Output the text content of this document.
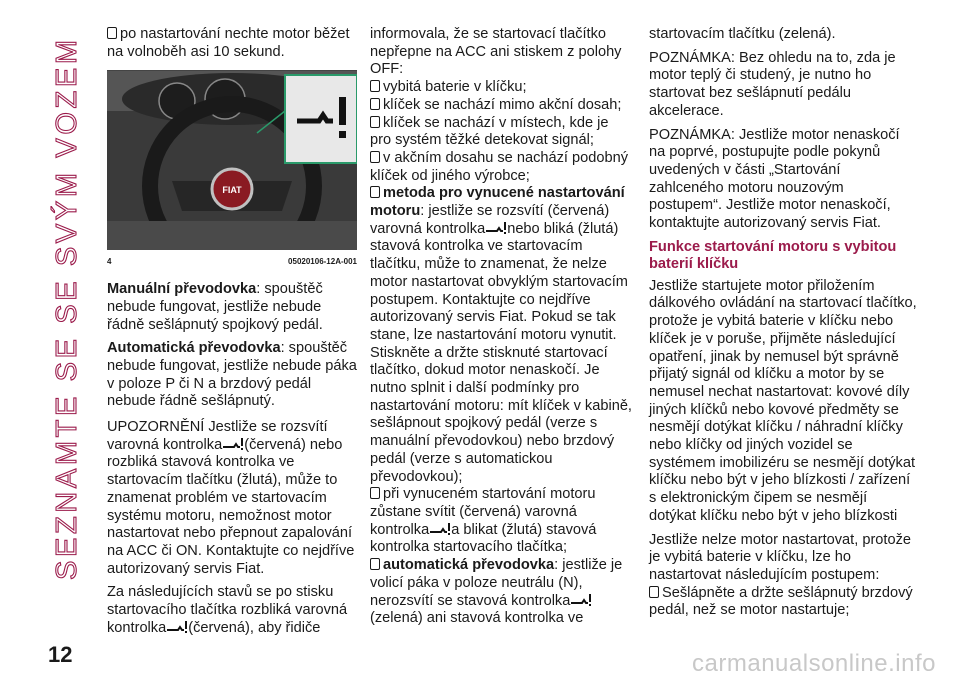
SEZNAMTE SE SE SVÝM VOZEM

po nastartování nechte motor běžet na volnoběh asi 10 sekund.

FIAT
4	05020106-12A-001

Manuální převodovka: spouštěč nebude fungovat, jestliže nebude řádně sešlápnutý spojkový pedál.

Automatická převodovka: spouštěč nebude fungovat, jestliže nebude páka v poloze P či N a brzdový pedál nebude řádně sešlápnutý.

UPOZORNĚNÍ Jestliže se rozsvítí varovná kontrolka (červená) nebo rozbliká stavová kontrolka ve startovacím tlačítku (žlutá), může to znamenat problém ve startovacím systému motoru, nemožnost motor nastartovat nebo přepnout zapalování na ACC či ON. Kontaktujte co nejdříve autorizovaný servis Fiat.

Za následujících stavů se po stisku startovacího tlačítka rozbliká varovná kontrolka (červená), aby řidiče

informovala, že se startovací tlačítko nepřepne na ACC ani stiskem z polohy OFF:

vybitá baterie v klíčku;
klíček se nachází mimo akční dosah;
klíček se nachází v místech, kde je pro systém těžké detekovat signál;
v akčním dosahu se nachází podobný klíček od jiného výrobce;
metoda pro vynucené nastartování motoru: jestliže se rozsvítí (červená) varovná kontrolka nebo bliká (žlutá) stavová kontrolka ve startovacím tlačítku, může to znamenat, že nelze motor nastartovat obvyklým startovacím postupem. Kontaktujte co nejdříve autorizovaný servis Fiat. Pokud se tak stane, lze nastartování motoru vynutit. Stiskněte a držte stisknuté startovací tlačítko, dokud motor nenaskočí. Je nutno splnit i další podmínky pro nastartování motoru: mít klíček v kabině, sešlápnout spojkový pedál (verze s manuální převodovkou) nebo brzdový pedál (verze s automatickou převodovkou);
při vynuceném startování motoru zůstane svítit (červená) varovná kontrolka a blikat (žlutá) stavová kontrolka startovacího tlačítka;
automatická převodovka: jestliže je volicí páka v poloze neutrálu (N), nerozsvítí se stavová kontrolka(zelená) ani stavová kontrolka ve

startovacím tlačítku (zelená).

POZNÁMKA: Bez ohledu na to, zda je motor teplý či studený, je nutno ho startovat bez sešlápnutí pedálu akcelerace.

POZNÁMKA: Jestliže motor nenaskočí na poprvé, postupujte podle pokynů uvedených v části „Startování zahlceného motoru nouzovým postupem“. Jestliže motor nenaskočí, kontaktujte autorizovaný servis Fiat.

Funkce startování motoru s vybitou baterií klíčku

Jestliže startujete motor přiložením dálkového ovládání na startovací tlačítko, protože je vybitá baterie v klíčku nebo klíček je v poruše, přijměte následující opatření, jinak by nemusel být správně přijatý signál od klíčku a motor by se nemusel nechat nastartovat: kovové díly jiných klíčků nebo kovové předměty se nesmějí dotýkat klíčku / náhradní klíčky nebo klíčky od jiných vozidel se systémem imobilizéru se nesmějí dotýkat klíčku nebo být v jeho blízkosti / zařízení s elektronickým čipem se nesmějí dotýkat klíčku nebo být v jeho blízkosti

Jestliže nelze motor nastartovat, protože je vybitá baterie v klíčku, lze ho nastartovat následujícím postupem:

Sešlápněte a držte sešlápnutý brzdový pedál, než se motor nastartuje;
12	carmanualsonline.info
